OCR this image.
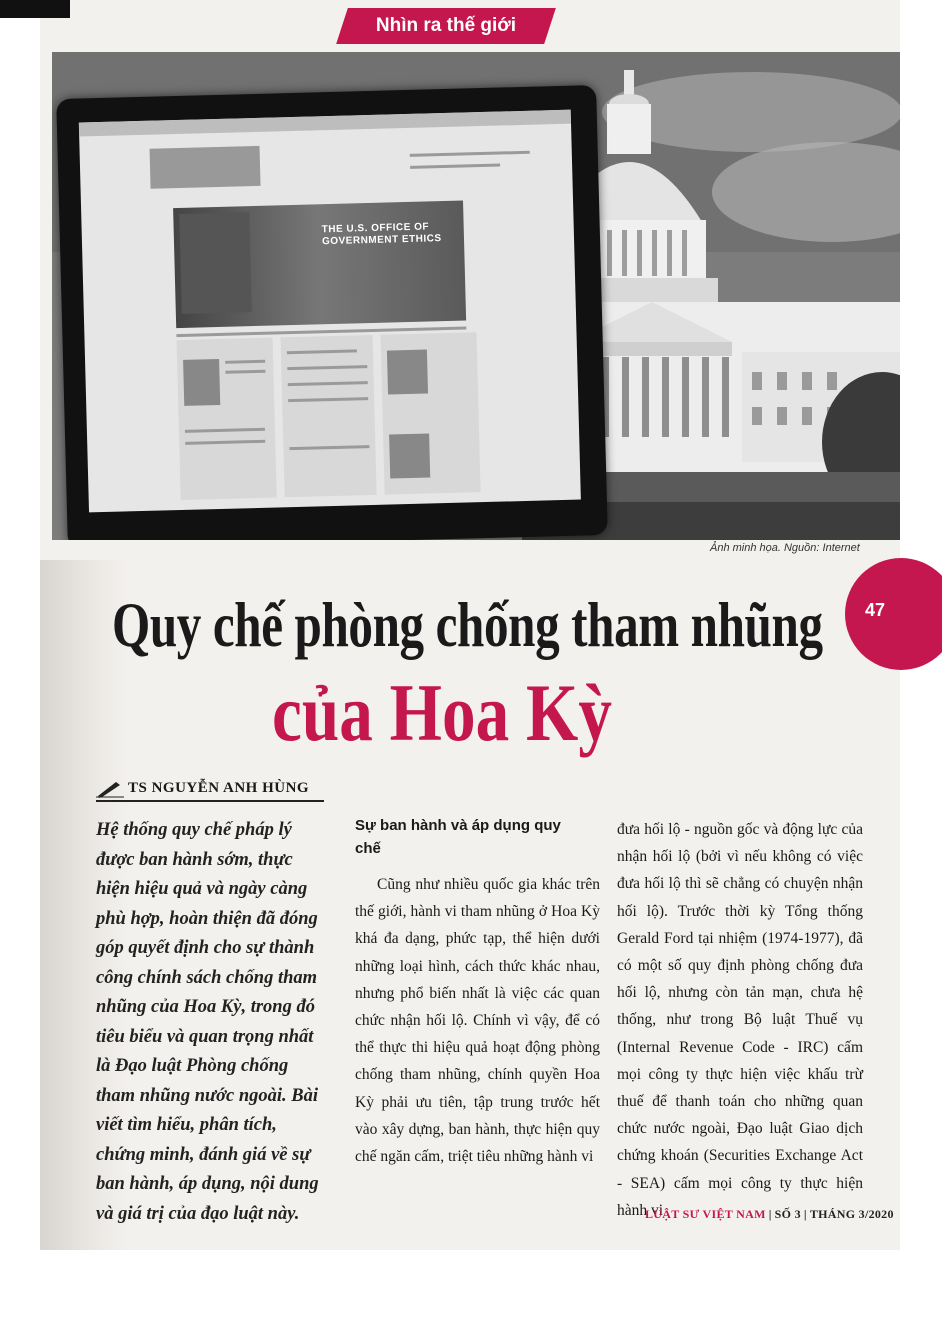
Nhìn ra thế giới
THE U.S. OFFICE OF GOVERNMENT ETHICS
Ảnh minh họa. Nguồn: Internet
47
Quy chế phòng chống tham nhũng
của Hoa Kỳ
TS NGUYỄN ANH HÙNG
Hệ thống quy chế pháp lý được ban hành sớm, thực hiện hiệu quả và ngày càng phù hợp, hoàn thiện đã đóng góp quyết định cho sự thành công chính sách chống tham nhũng của Hoa Kỳ, trong đó tiêu biểu và quan trọng nhất là Đạo luật Phòng chống tham nhũng nước ngoài. Bài viết tìm hiểu, phân tích, chứng minh, đánh giá về sự ban hành, áp dụng, nội dung và giá trị của đạo luật này.
Sự ban hành và áp dụng quy chế
Cũng như nhiều quốc gia khác trên thế giới, hành vi tham nhũng ở Hoa Kỳ khá đa dạng, phức tạp, thể hiện dưới những loại hình, cách thức khác nhau, nhưng phổ biến nhất là việc các quan chức nhận hối lộ. Chính vì vậy, để có thể thực thi hiệu quả hoạt động phòng chống tham nhũng, chính quyền Hoa Kỳ phải ưu tiên, tập trung trước hết vào xây dựng, ban hành, thực hiện quy chế ngăn cấm, triệt tiêu những hành vi
đưa hối lộ - nguồn gốc và động lực của nhận hối lộ (bởi vì nếu không có việc đưa hối lộ thì sẽ chẳng có chuyện nhận hối lộ). Trước thời kỳ Tổng thống Gerald Ford tại nhiệm (1974-1977), đã có một số quy định phòng chống đưa hối lộ, nhưng còn tản mạn, chưa hệ thống, như trong Bộ luật Thuế vụ (Internal Revenue Code - IRC) cấm mọi công ty thực hiện việc khấu trừ thuế để thanh toán cho những quan chức nước ngoài, Đạo luật Giao dịch chứng khoán (Securities Exchange Act - SEA) cấm mọi công ty thực hiện hành vi
LUẬT SƯ VIỆT NAM | SỐ 3 | THÁNG 3/2020
